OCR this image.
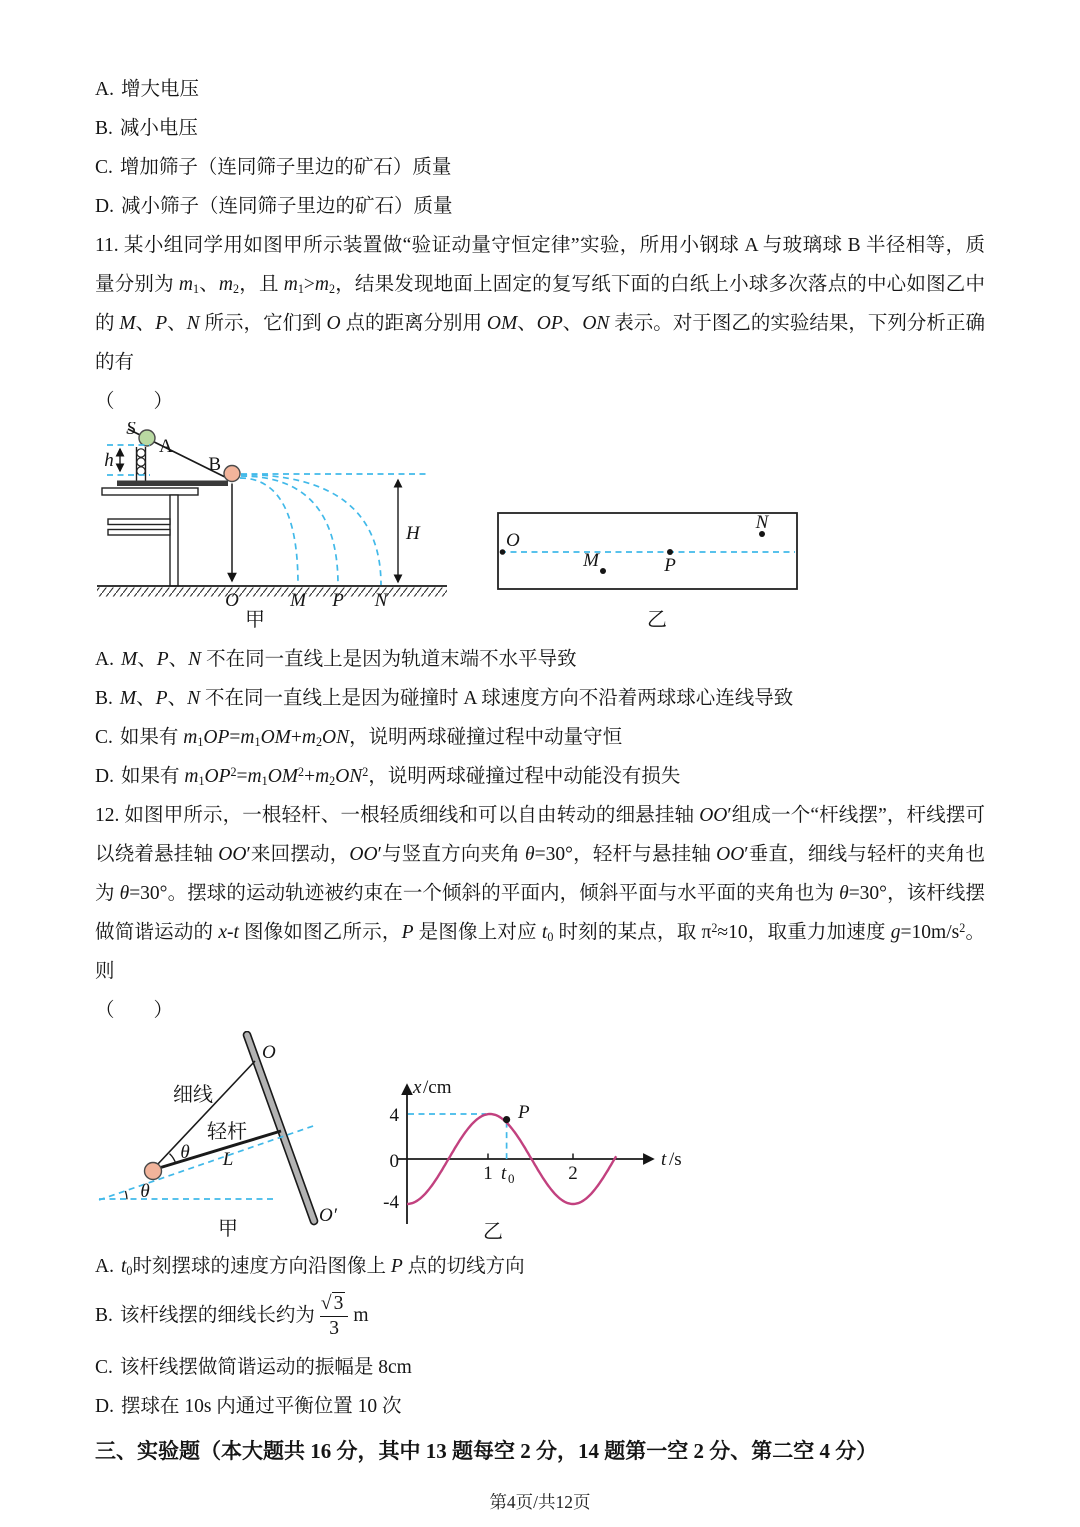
A. 增大电压

B. 减小电压

C. 增加筛子（连同筛子里边的矿石）质量

D. 减小筛子（连同筛子里边的矿石）质量

11. 某小组同学用如图甲所示装置做“验证动量守恒定律”实验，所用小钢球 A 与玻璃球 B 半径相等，质量分别为 $m_1$、$m_2$，且 $m_1>m_2$，结果发现地面上固定的复写纸下面的白纸上小球多次落点的中心如图乙中的 M、P、N 所示，它们到 O 点的距离分别用 OM、OP、ON 表示。对于图乙的实验结果，下列分析正确的有

（　　）
S
A
h	B
H
O	M P N
甲
O
M	P
N
乙

A. M、P、N 不在同一直线上是因为轨道末端不水平导致

B. M、P、N 不在同一直线上是因为碰撞时 A 球速度方向不沿着两球球心连线导致

C. 如果有 $m_1OP=m_1OM+m_2ON$，说明两球碰撞过程中动量守恒

D. 如果有 $m_1OP^2=m_1OM^2+m_2ON^2$，说明两球碰撞过程中动能没有损失

12. 如图甲所示，一根轻杆、一根轻质细线和可以自由转动的细悬挂轴 OO′组成一个“杆线摆”，杆线摆可以绕着悬挂轴 OO′来回摆动，OO′与竖直方向夹角 θ=30°，轻杆与悬挂轴 OO′垂直，细线与轻杆的夹角也为 θ=30°。摆球的运动轨迹被约束在一个倾斜的平面内，倾斜平面与水平面的夹角也为 θ=30°，该杆线摆做简谐运动的 x-t 图像如图乙所示，P 是图像上对应 $t_0$ 时刻的某点，取 $\pi^2\approx 10$，取重力加速度 $g=10m/s^2$。则

（　　）
O
O′
细线
轻杆
L
θ
θ
甲
P
x /cm
t /s
4
0
-4
1	2
t 0
乙

A. $t_0$时刻摆球的速度方向沿图像上 P 点的切线方向

B. 该杆线摆的细线长约为 $\frac{√ 3}{3}$ m

C. 该杆线摆做简谐运动的振幅是 8cm

D. 摆球在 10s 内通过平衡位置 10 次

三、实验题（本大题共 16 分，其中 13 题每空 2 分，14 题第一空 2 分、第二空 4 分）
第4页/共12页
